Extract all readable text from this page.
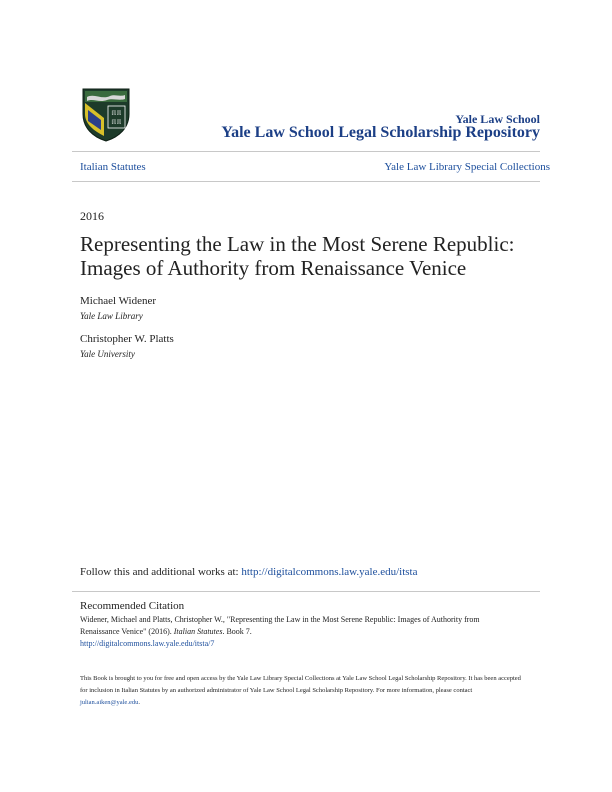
ℿℿ
ℿℿ	Yale Law School
Yale Law School Legal Scholarship Repository
Italian Statutes	Yale Law Library Special Collections
2016
Representing the Law in the Most Serene Republic: Images of Authority from Renaissance Venice
Michael Widener
Yale Law Library
Christopher W. Platts
Yale University
Follow this and additional works at: http://digitalcommons.law.yale.edu/itsta
Recommended Citation
Widener, Michael and Platts, Christopher W., "Representing the Law in the Most Serene Republic: Images of Authority from Renaissance Venice" (2016). Italian Statutes. Book 7.
http://digitalcommons.law.yale.edu/itsta/7
This Book is brought to you for free and open access by the Yale Law Library Special Collections at Yale Law School Legal Scholarship Repository. It has been accepted for inclusion in Italian Statutes by an authorized administrator of Yale Law School Legal Scholarship Repository. For more information, please contact julian.aiken@yale.edu.
